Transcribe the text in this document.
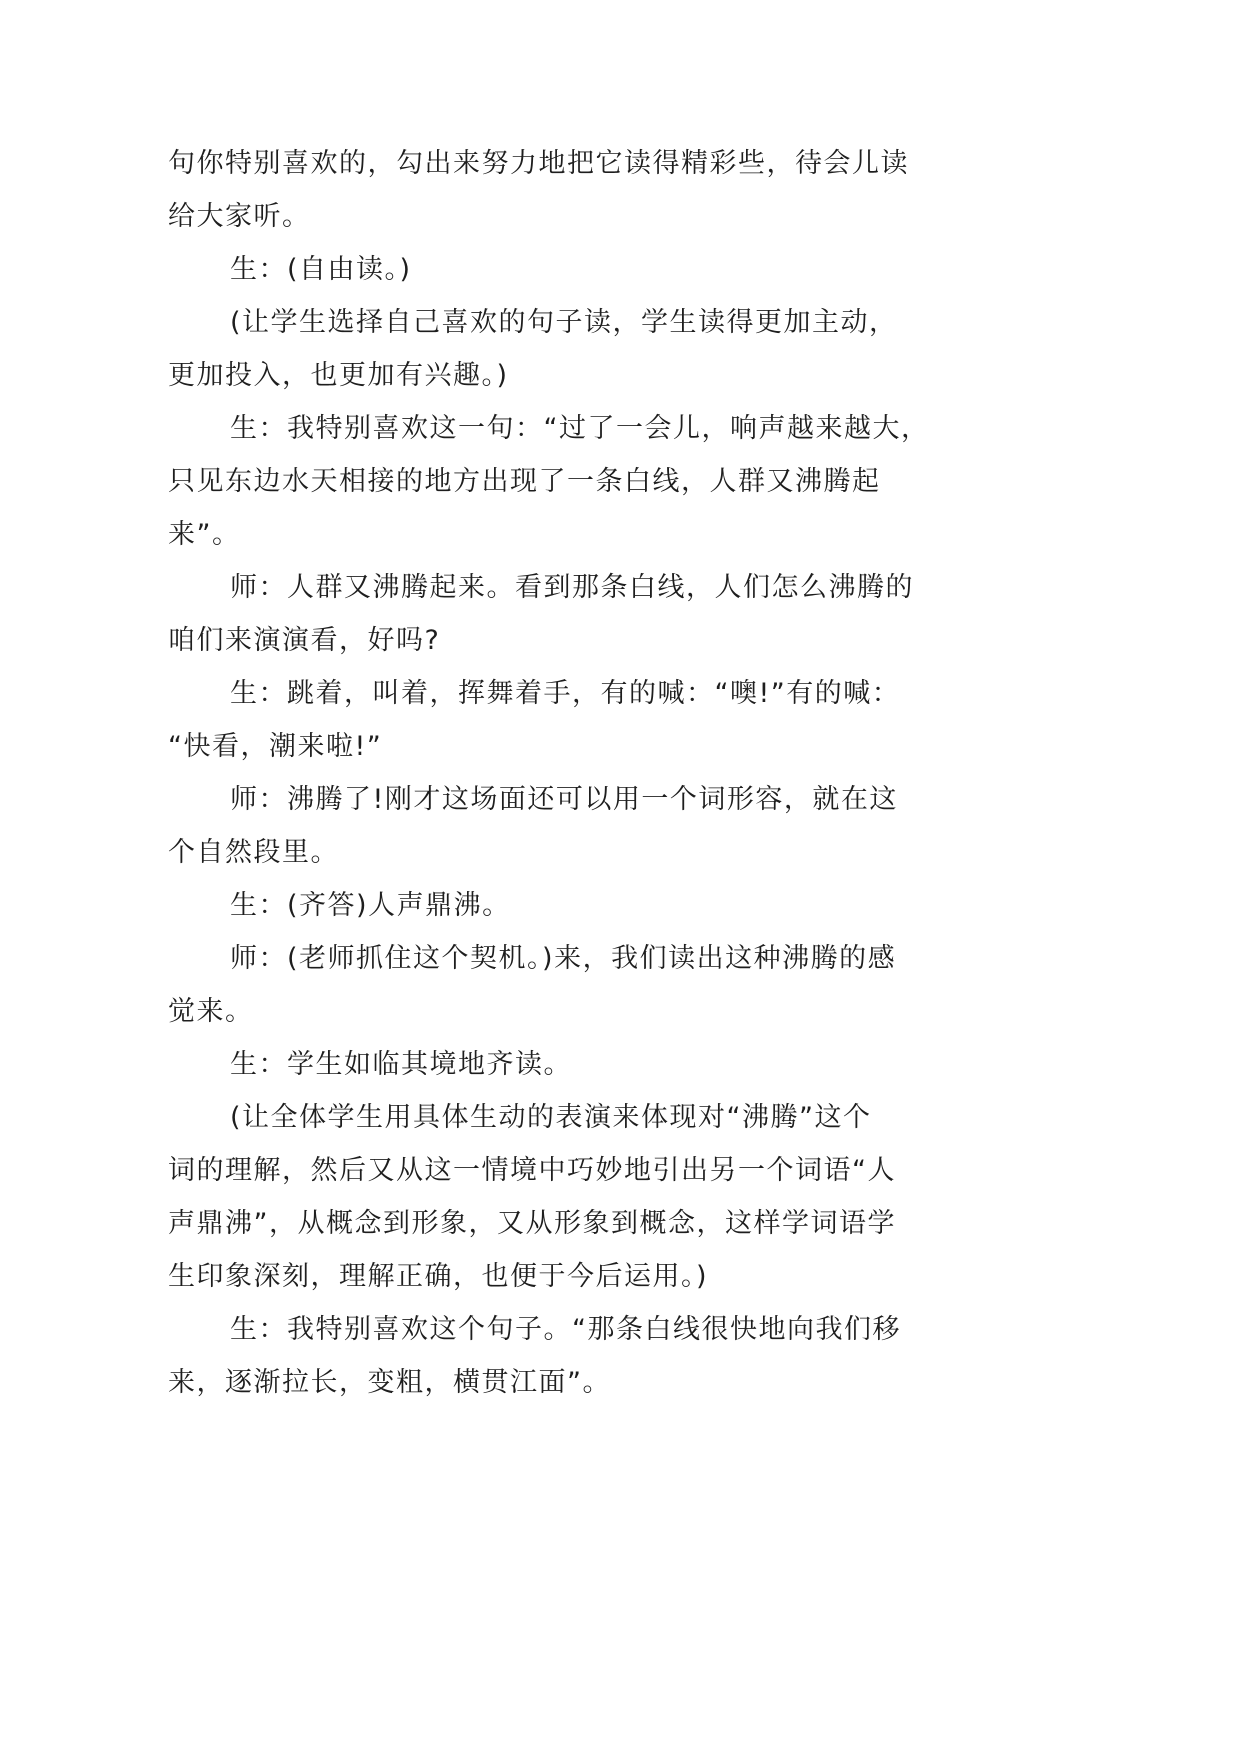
句你特别喜欢的，勾出来努力地把它读得精彩些，待会儿读
给大家听。
生：(自由读。)
(让学生选择自己喜欢的句子读，学生读得更加主动，
更加投入，也更加有兴趣。)
生：我特别喜欢这一句：“过了一会儿，响声越来越大，
只见东边水天相接的地方出现了一条白线，人群又沸腾起
来”。
师：人群又沸腾起来。看到那条白线，人们怎么沸腾的
咱们来演演看，好吗?
生：跳着，叫着，挥舞着手，有的喊：“噢!”有的喊：
“快看，潮来啦!”
师：沸腾了!刚才这场面还可以用一个词形容，就在这
个自然段里。
生：(齐答)人声鼎沸。
师：(老师抓住这个契机。)来，我们读出这种沸腾的感
觉来。
生：学生如临其境地齐读。
(让全体学生用具体生动的表演来体现对“沸腾”这个
词的理解，然后又从这一情境中巧妙地引出另一个词语“人
声鼎沸”，从概念到形象，又从形象到概念，这样学词语学
生印象深刻，理解正确，也便于今后运用。)
生：我特别喜欢这个句子。“那条白线很快地向我们移
来，逐渐拉长，变粗，横贯江面”。
